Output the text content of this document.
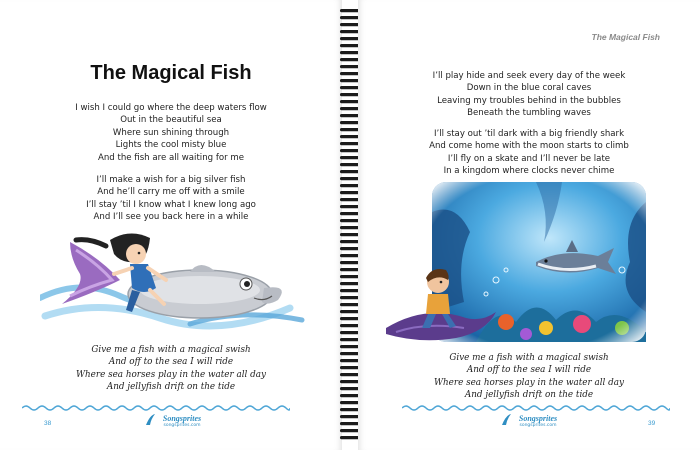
The Magical Fish
I wish I could go where the deep waters flow
Out in the beautiful sea
Where sun shining through
Lights the cool misty blue
And the fish are all waiting for me
I’ll make a wish for a big silver fish
And he’ll carry me off with a smile
I’ll stay ’til I know what I knew long ago
And I’ll see you back here in a while
Give me a fish with a magical swish
And off to the sea I will ride
Where sea horses play in the water all day
And jellyfish drift on the tide
38
Songsprites
songsprites.com
The Magical Fish
I’ll play hide and seek every day of the week
Down in the blue coral caves
Leaving my troubles behind in the bubbles
Beneath the tumbling waves
I’ll stay out ’til dark with a big friendly shark
And come home with the moon starts to climb
I’ll fly on a skate and I’ll never be late
In a kingdom where clocks never chime
Give me a fish with a magical swish
And off to the sea I will ride
Where sea horses play in the water all day
And jellyfish drift on the tide
Songsprites
songsprites.com	39
